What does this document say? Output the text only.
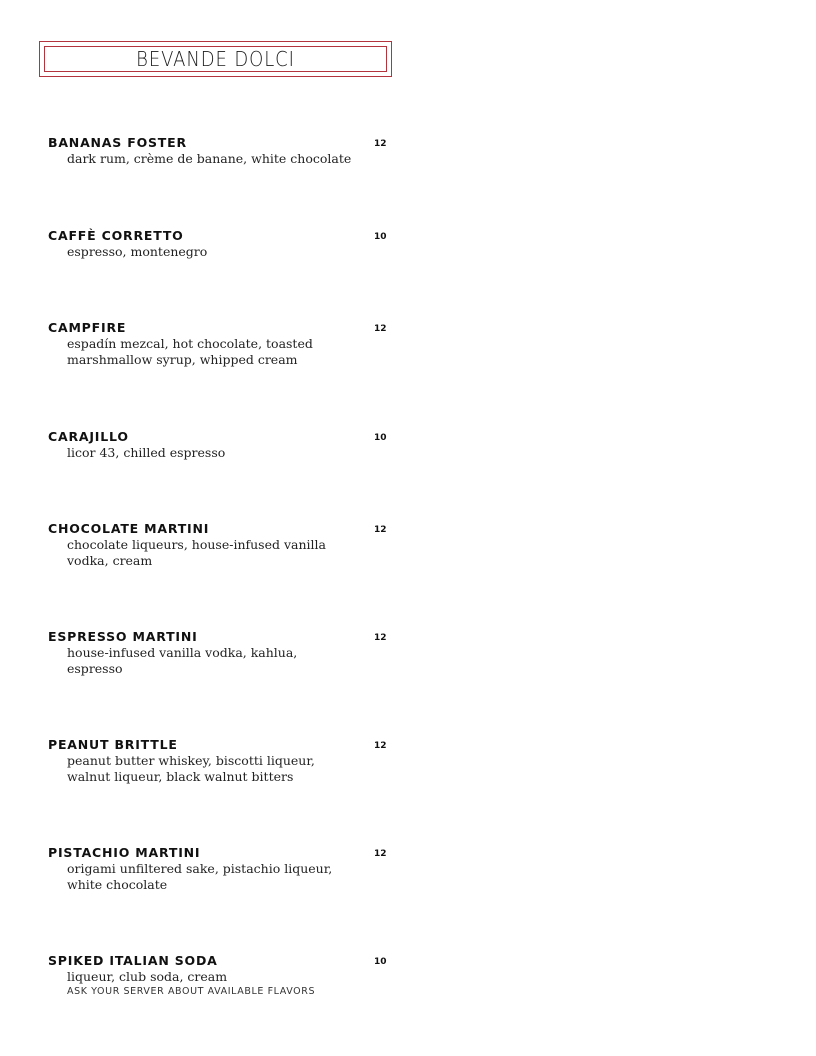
BEVANDE DOLCI
BANANAS FOSTER	12
dark rum, crème de banane, white chocolate
CAFFÈ CORRETTO	10
espresso, montenegro
CAMPFIRE	12
espadín mezcal, hot chocolate, toasted marshmallow syrup, whipped cream
CARAJILLO	10
licor 43, chilled espresso
CHOCOLATE MARTINI	12
chocolate liqueurs, house-infused vanilla vodka, cream
ESPRESSO MARTINI	12
house-infused vanilla vodka, kahlua, espresso
PEANUT BRITTLE	12
peanut butter whiskey, biscotti liqueur, walnut liqueur, black walnut bitters
PISTACHIO MARTINI	12
origami unfiltered sake, pistachio liqueur, white chocolate
SPIKED ITALIAN SODA	10
liqueur, club soda, cream
ASK YOUR SERVER ABOUT AVAILABLE FLAVORS
